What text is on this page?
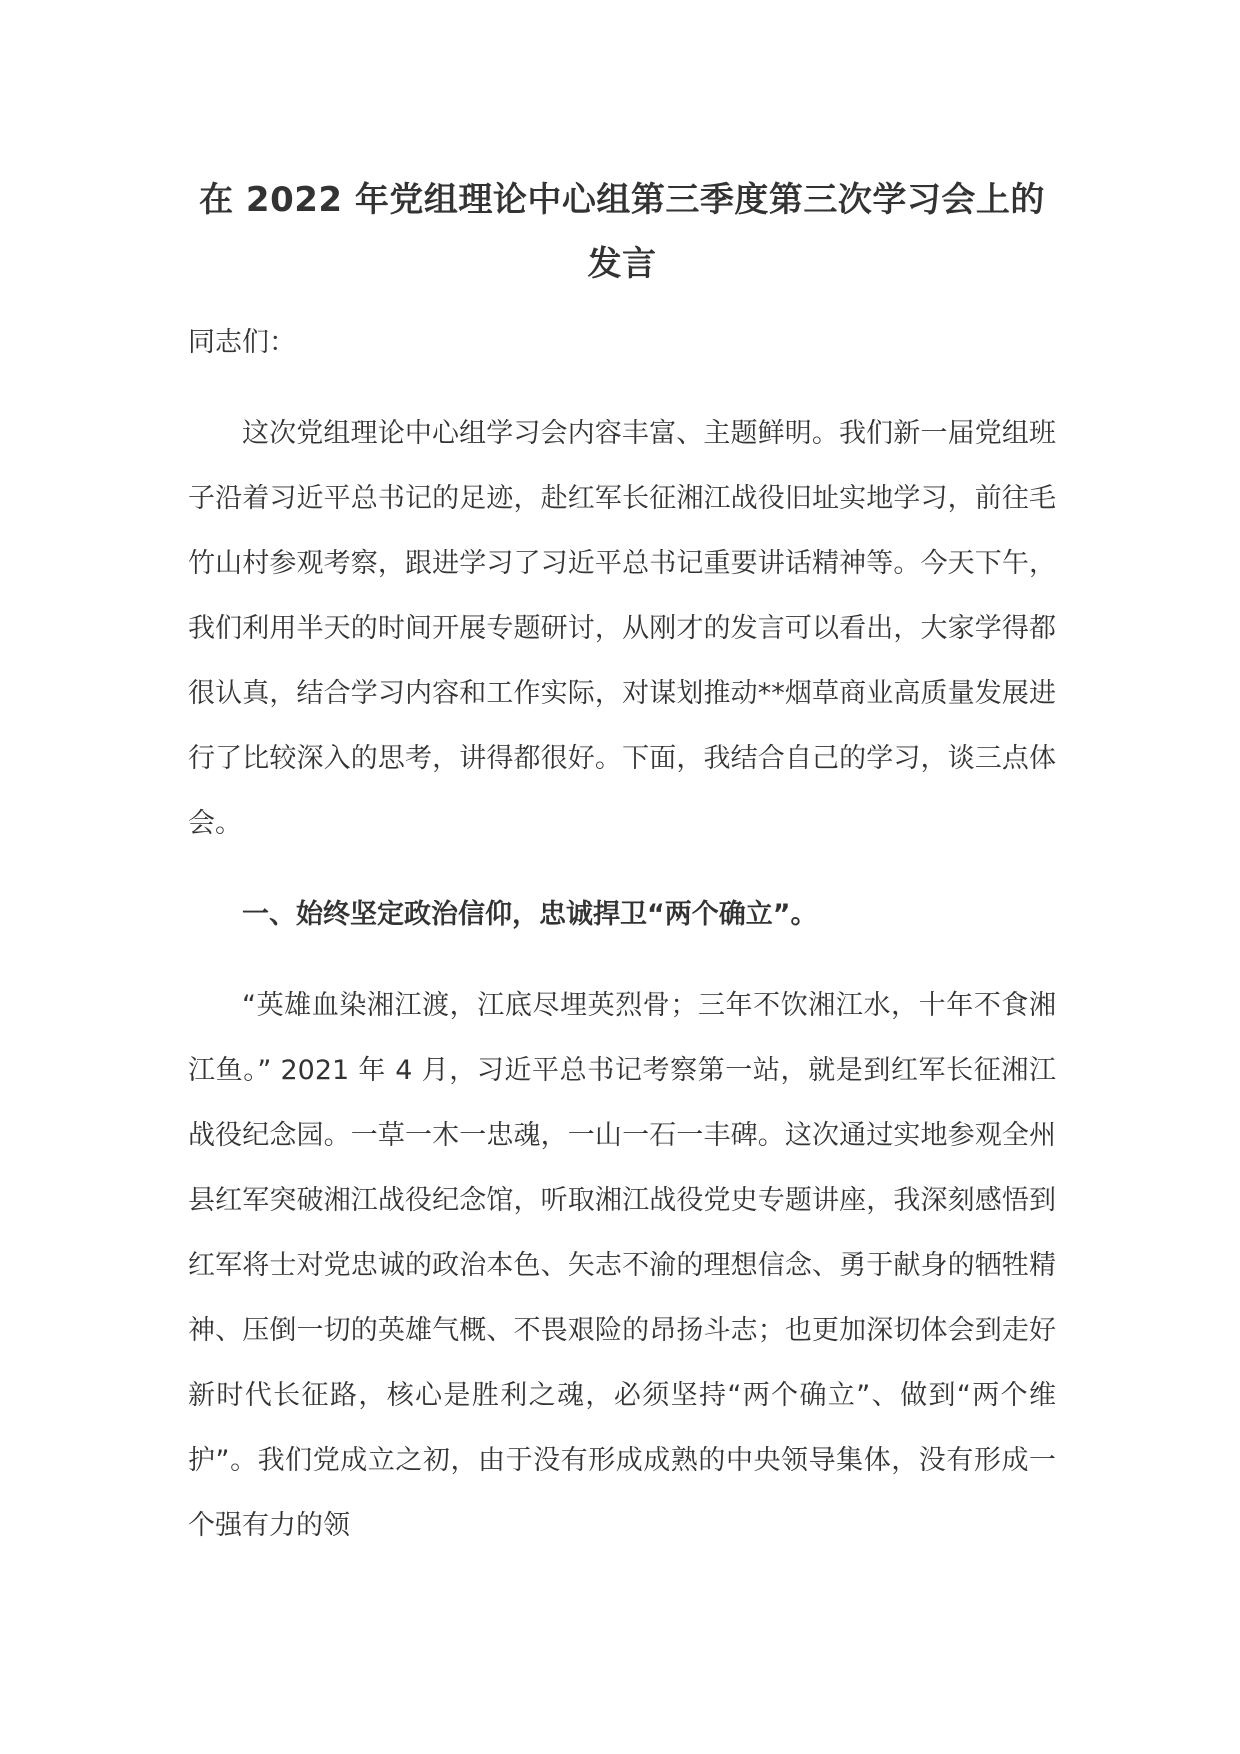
在 2022 年党组理论中心组第三季度第三次学习会上的发言

同志们：

这次党组理论中心组学习会内容丰富、主题鲜明。我们新一届党组班子沿着习近平总书记的足迹，赴红军长征湘江战役旧址实地学习，前往毛竹山村参观考察，跟进学习了习近平总书记重要讲话精神等。今天下午，我们利用半天的时间开展专题研讨，从刚才的发言可以看出，大家学得都很认真，结合学习内容和工作实际，对谋划推动**烟草商业高质量发展进行了比较深入的思考，讲得都很好。下面，我结合自己的学习，谈三点体会。

一、始终坚定政治信仰，忠诚捍卫“两个确立”。

“英雄血染湘江渡，江底尽埋英烈骨；三年不饮湘江水，十年不食湘江鱼。” 2021 年 4 月，习近平总书记考察第一站，就是到红军长征湘江战役纪念园。一草一木一忠魂，一山一石一丰碑。这次通过实地参观全州县红军突破湘江战役纪念馆，听取湘江战役党史专题讲座，我深刻感悟到红军将士对党忠诚的政治本色、矢志不渝的理想信念、勇于献身的牺牲精神、压倒一切的英雄气概、不畏艰险的昂扬斗志；也更加深切体会到走好新时代长征路，核心是胜利之魂，必须坚持“两个确立”、做到“两个维护”。我们党成立之初，由于没有形成成熟的中央领导集体，没有形成一个强有力的领
